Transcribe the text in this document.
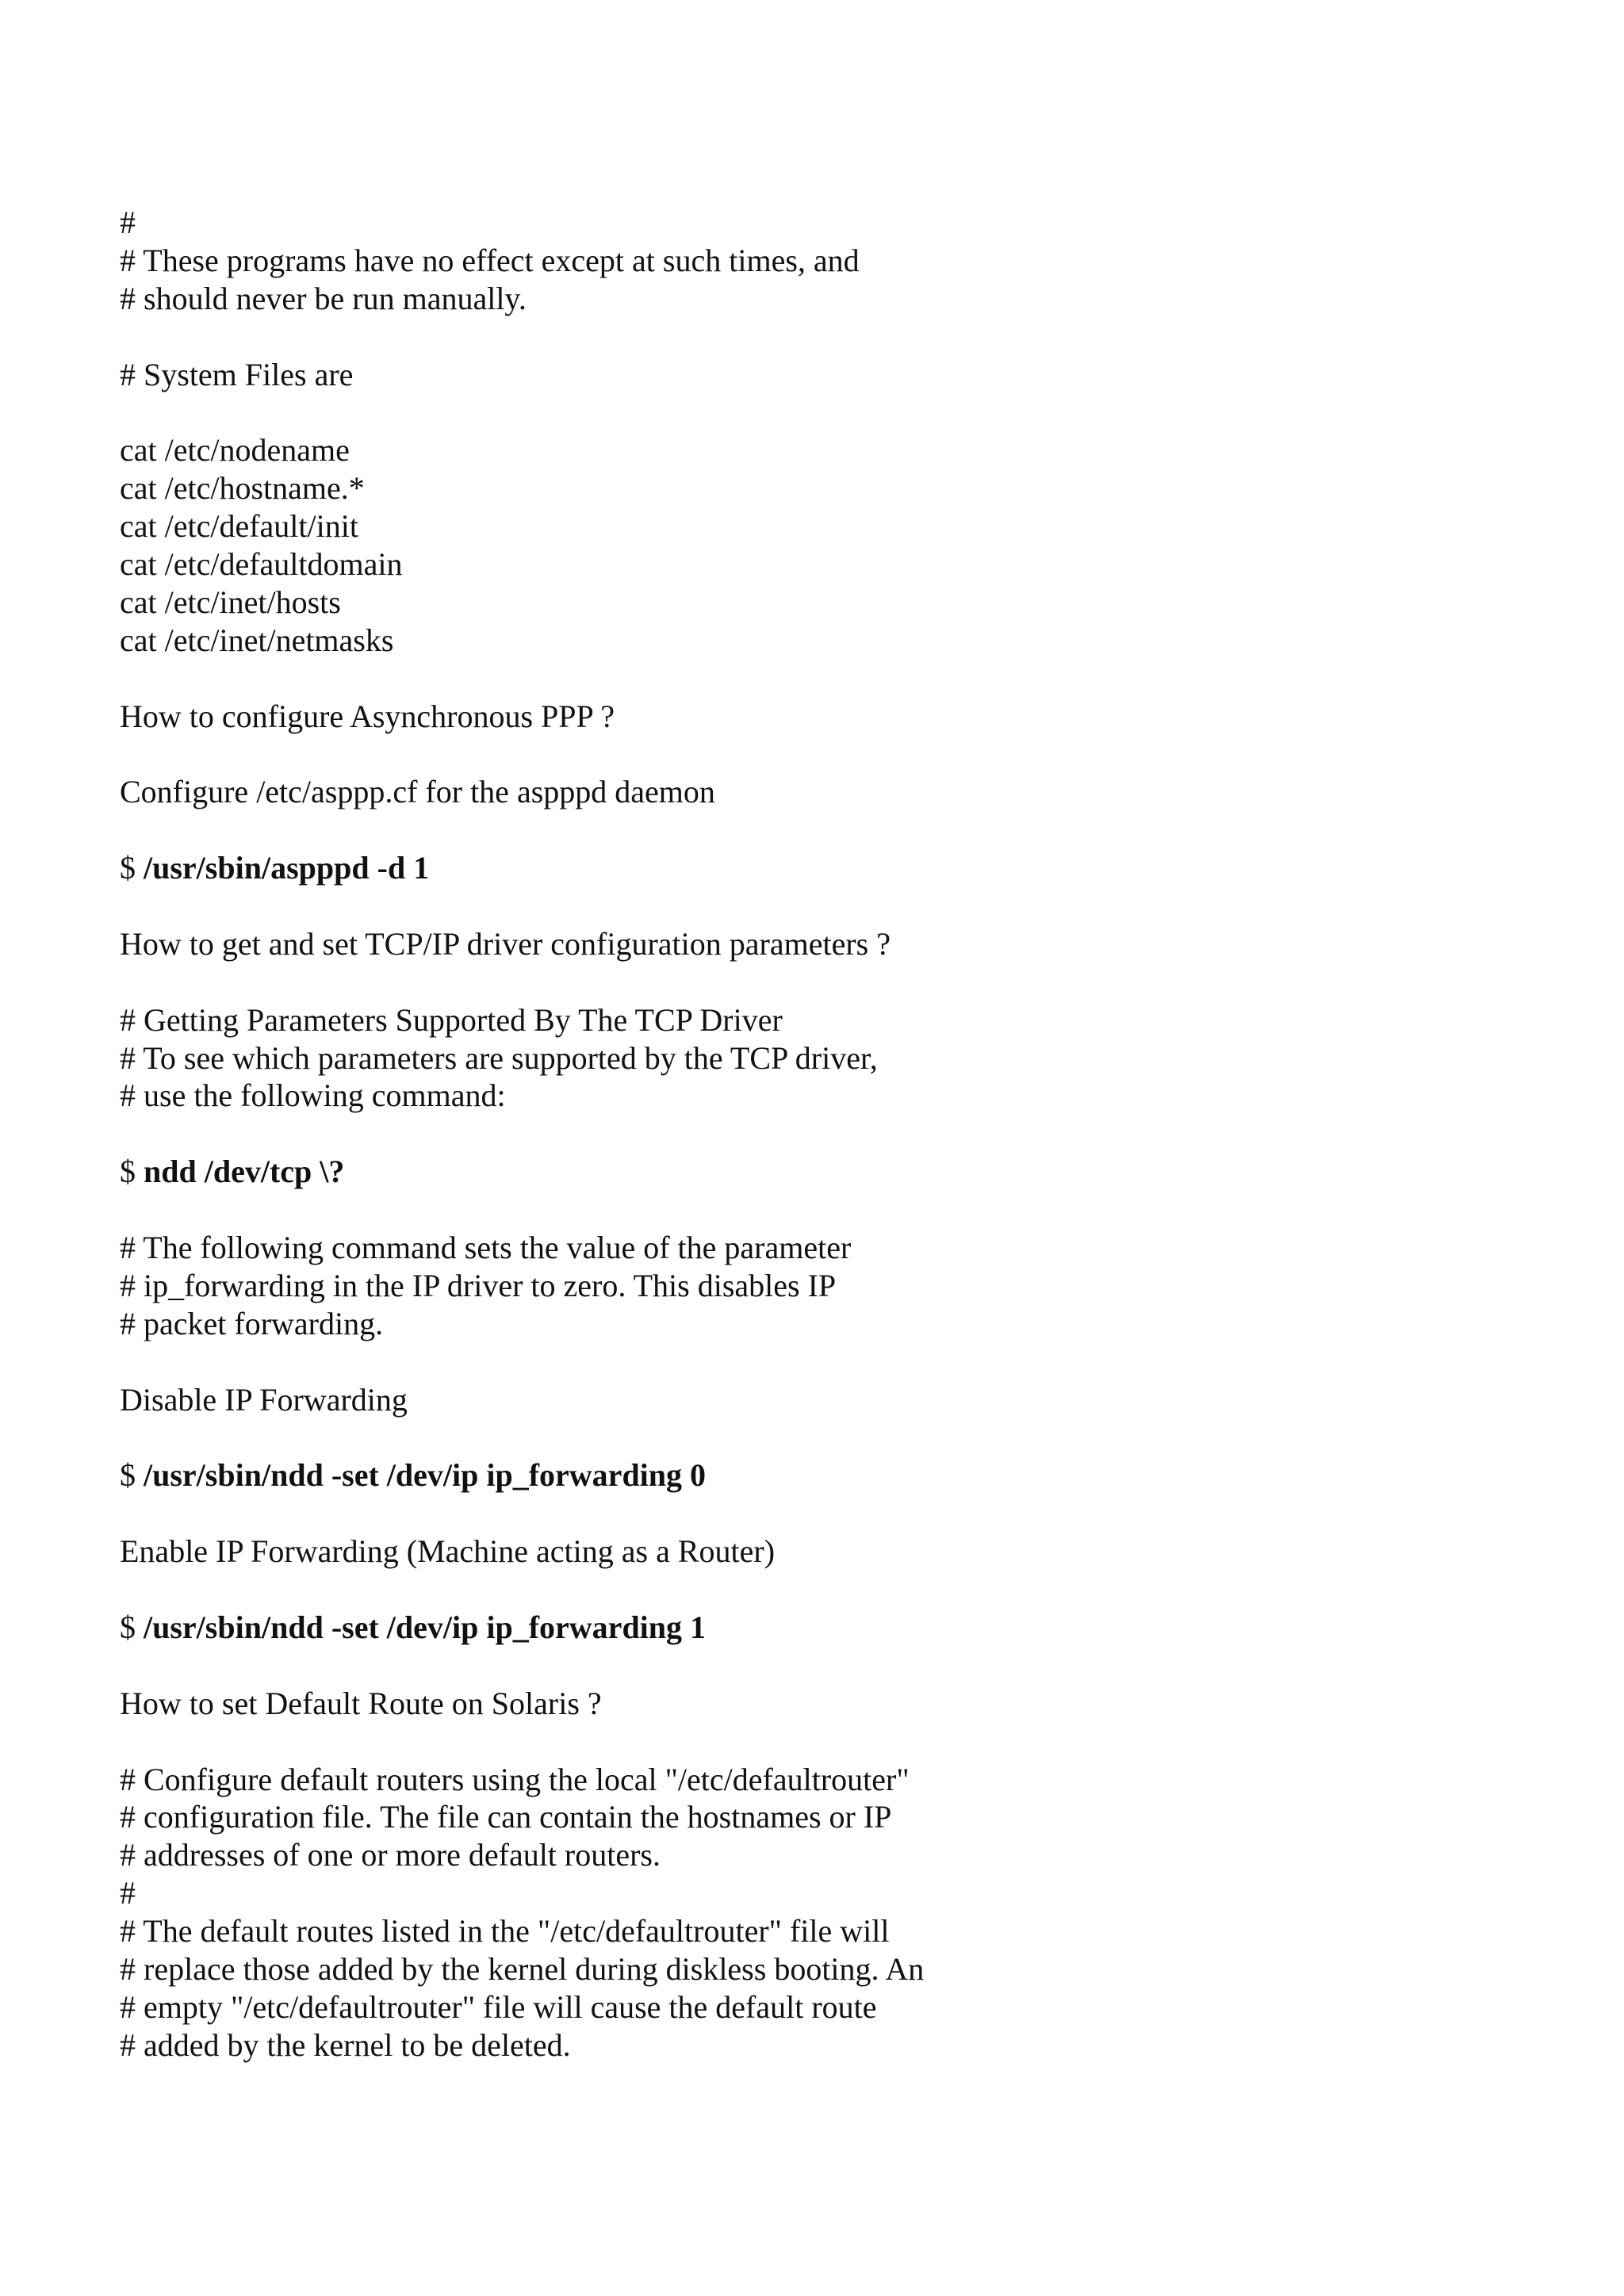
#
# These programs have no effect except at such times, and
# should never be run manually.
# System Files are
cat /etc/nodename
cat /etc/hostname.*
cat /etc/default/init
cat /etc/defaultdomain
cat /etc/inet/hosts
cat /etc/inet/netmasks
How to configure Asynchronous PPP ?
Configure /etc/asppp.cf for the aspppd daemon
$ /usr/sbin/aspppd -d 1
How to get and set TCP/IP driver configuration parameters ?
# Getting Parameters Supported By The TCP Driver
# To see which parameters are supported by the TCP driver,
# use the following command:
$ ndd /dev/tcp \?
# The following command sets the value of the parameter
# ip_forwarding in the IP driver to zero. This disables IP
# packet forwarding.
Disable IP Forwarding
$ /usr/sbin/ndd -set /dev/ip ip_forwarding 0
Enable IP Forwarding (Machine acting as a Router)
$ /usr/sbin/ndd -set /dev/ip ip_forwarding 1
How to set Default Route on Solaris ?
# Configure default routers using the local "/etc/defaultrouter"
# configuration file. The file can contain the hostnames or IP
# addresses of one or more default routers.
#
# The default routes listed in the "/etc/defaultrouter" file will
# replace those added by the kernel during diskless booting. An
# empty "/etc/defaultrouter" file will cause the default route
# added by the kernel to be deleted.
